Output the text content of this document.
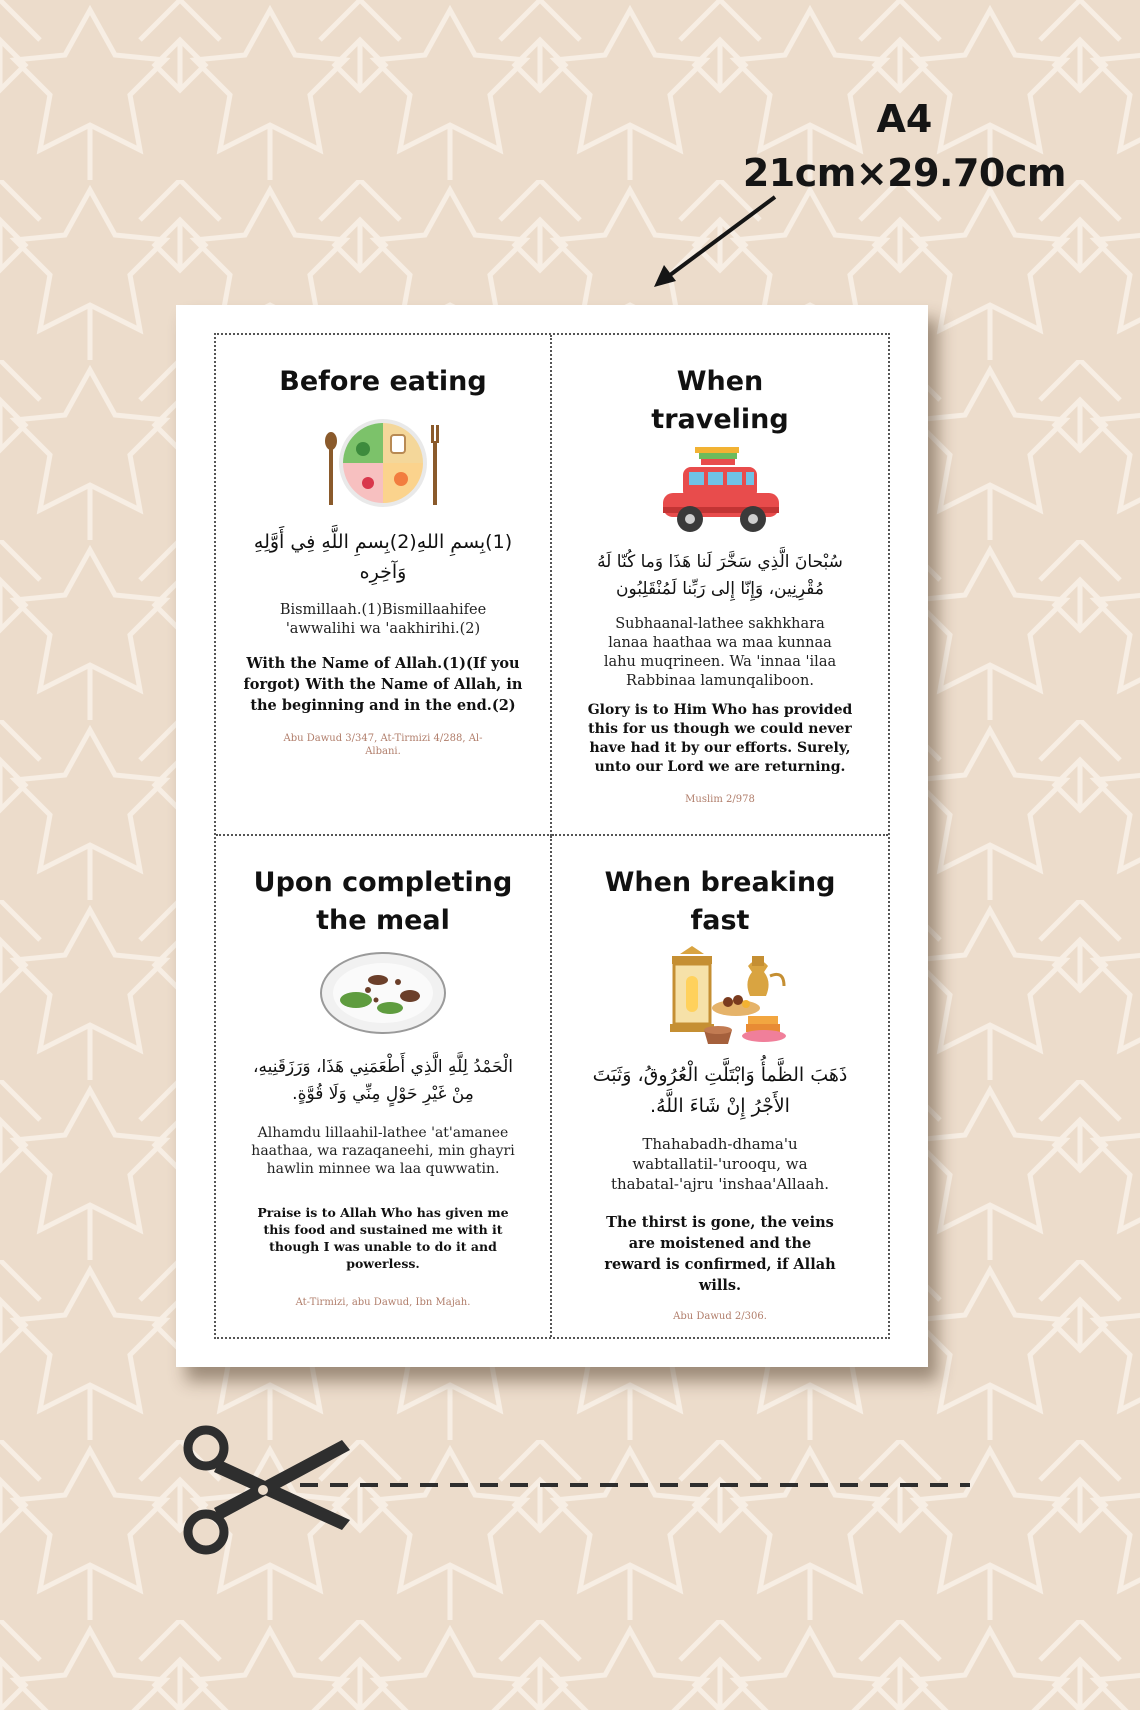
A4
21cm×29.70cm
Before eating

(1)بِسمِ اللهِ(2)بِسمِ اللَّهِ فِي أَوَّلِهِ وَآخِرِه

Bismillaah.(1)Bismillaahifee 'awwalihi wa 'aakhirihi.(2)

With the Name of Allah.(1)(If you forgot) With the Name of Allah, in the beginning and in the end.(2)

Abu Dawud 3/347, At-Tirmizi 4/288, Al-Albani.

When traveling

سُبْحانَ الَّذِي سَخَّرَ لَنا هَذَا وَما كُنّا لَهُ مُقْرِنِين، وَإِنّا إِلى رَبِّنا لَمُنْقَلِبُون

Subhaanal-lathee sakhkhara lanaa haathaa wa maa kunnaa lahu muqrineen. Wa 'innaa 'ilaa Rabbinaa lamunqaliboon.

Glory is to Him Who has provided this for us though we could never have had it by our efforts. Surely, unto our Lord we are returning.

Muslim 2/978

Upon completing the meal

الْحَمْدُ لِلَّهِ الَّذِي أَطْعَمَنِي هَذَا، وَرَزَقَنِيهِ، مِنْ غَيْرِ حَوْلٍ مِنِّي وَلَا قُوَّةٍ.

Alhamdu lillaahil-lathee 'at'amanee haathaa, wa razaqaneehi, min ghayri hawlin minnee wa laa quwwatin.

Praise is to Allah Who has given me this food and sustained me with it though I was unable to do it and powerless.

At-Tirmizi, abu Dawud, Ibn Majah.

When breaking fast

ذَهَبَ الظَّمأُ وَابْتَلَّتِ الْعُرُوقُ، وَثَبَتَ الأَجْرُ إِنْ شَاءَ اللَّهُ.

Thahabadh-dhama'u wabtallatil-'urooqu, wa thabatal-'ajru 'inshaa'Allaah.

The thirst is gone, the veins are moistened and the reward is confirmed, if Allah wills.

Abu Dawud 2/306.
